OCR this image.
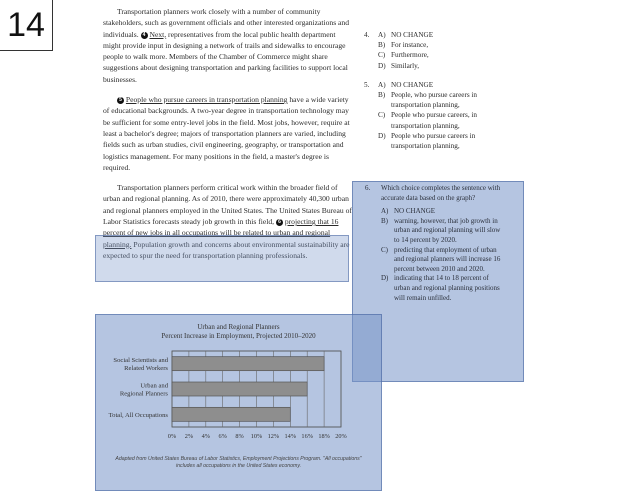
14	Transportation planners work closely with a number of community stakeholders, such as government officials and other interested organizations and individuals. 4 Next, representatives from the local public health department might provide input in designing a network of trails and sidewalks to encourage people to walk more. Members of the Chamber of Commerce might share suggestions about designing transportation and parking facilities to support local businesses.

5 People who pursue careers in transportation planning have a wide variety of educational backgrounds. A two-year degree in transportation technology may be sufficient for some entry-level jobs in the field. Most jobs, however, require at least a bachelor's degree; majors of transportation planners are varied, including fields such as urban studies, civil engineering, geography, or transportation and logistics management. For many positions in the field, a master's degree is required.

Transportation planners perform critical work within the broader field of urban and regional planning. As of 2010, there were approximately 40,300 urban and regional planners employed in the United States. The United States Bureau of Labor Statistics forecasts steady job growth in this field, 6 projecting that 16 percent of new jobs in all occupations will be related to urban and regional planning. Population growth and concerns about environmental sustainability are expected to spur the need for transportation planning professionals.

4.	A) NO CHANGE
B) For instance,
C) Furthermore,
D) Similarly,
5.	A) NO CHANGE
B) People, who pursue careers in transportation planning,
C) People who pursue careers, in transportation planning,
D) People who pursue careers in transportation planning,
6.	Which choice completes the sentence with accurate data based on the graph?
A) NO CHANGE
B) warning, however, that job growth in urban and regional planning will slow to 14 percent by 2020.
C) predicting that employment of urban and regional planners will increase 16 percent between 2010 and 2020.
D) indicating that 14 to 18 percent of urban and regional planning positions will remain unfilled.
Urban and Regional Planners
Percent Increase in Employment, Projected 2010–2020
0% 2% 4% 6% 8% 10% 12% 14% 16% 18% 20%
Social Scientists and
Related Workers
Urban and
Regional Planners
Total, All Occupations
Adapted from United States Bureau of Labor Statistics, Employment Projections Program. "All occupations" includes all occupations in the United States economy.
